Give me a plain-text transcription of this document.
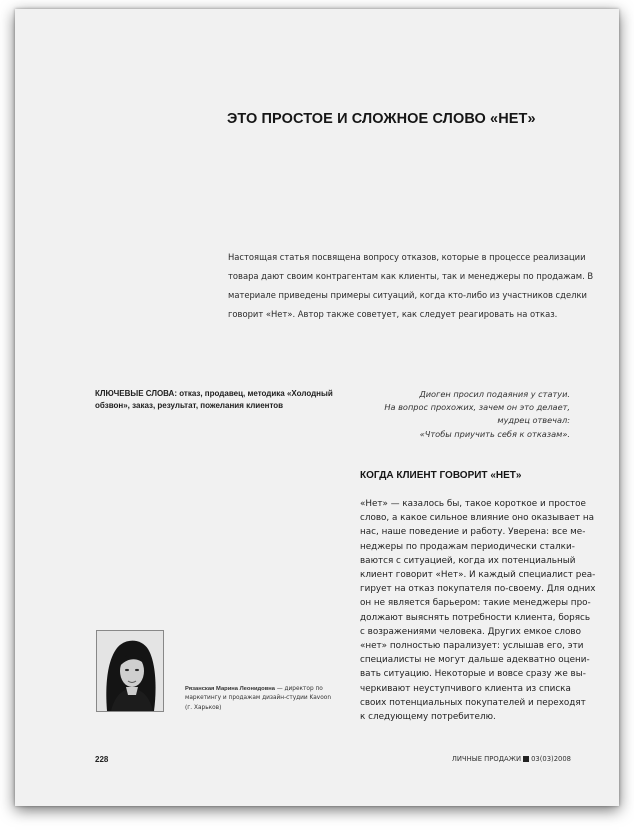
ЭТО ПРОСТОЕ И СЛОЖНОЕ СЛОВО «НЕТ»

Настоящая статья посвящена вопросу отказов, которые в процессе реализации товара дают своим контрагентам как клиенты, так и менеджеры по продажам. В материале приведены примеры ситуаций, когда кто-либо из участников сделки говорит «Нет». Автор также советует, как следует реагировать на отказ.

КЛЮЧЕВЫЕ СЛОВА: отказ, продавец, методика «Холодный обзвон», заказ, результат, пожелания клиентов

Диоген просил подаяния у статуи.
На вопрос прохожих, зачем он это делает,
мудрец отвечал:
«Чтобы приучить себя к отказам».
КОГДА КЛИЕНТ ГОВОРИТ «НЕТ»
«Нет» — казалось бы, такое короткое и простое
слово, а какое сильное влияние оно оказывает на
нас, наше поведение и работу. Уверена: все ме-
неджеры по продажам периодически сталки-
ваются с ситуацией, когда их потенциальный
клиент говорит «Нет». И каждый специалист реа-
гирует на отказ покупателя по-своему. Для одних
он не является барьером: такие менеджеры про-
должают выяснять потребности клиента, борясь
с возражениями человека. Других емкое слово
«нет» полностью парализует: услышав его, эти
специалисты не могут дальше адекватно оцени-
вать ситуацию. Некоторые и вовсе сразу же вы-
черкивают неуступчивого клиента из списка
своих потенциальных покупателей и переходят
к следующему потребителю.

Рязанская Марина Леонидовна — директор по маркетингу и продажам дизайн-студии Kavoon (г. Харьков)

228	ЛИЧНЫЕ ПРОДАЖИ 03(03)2008
